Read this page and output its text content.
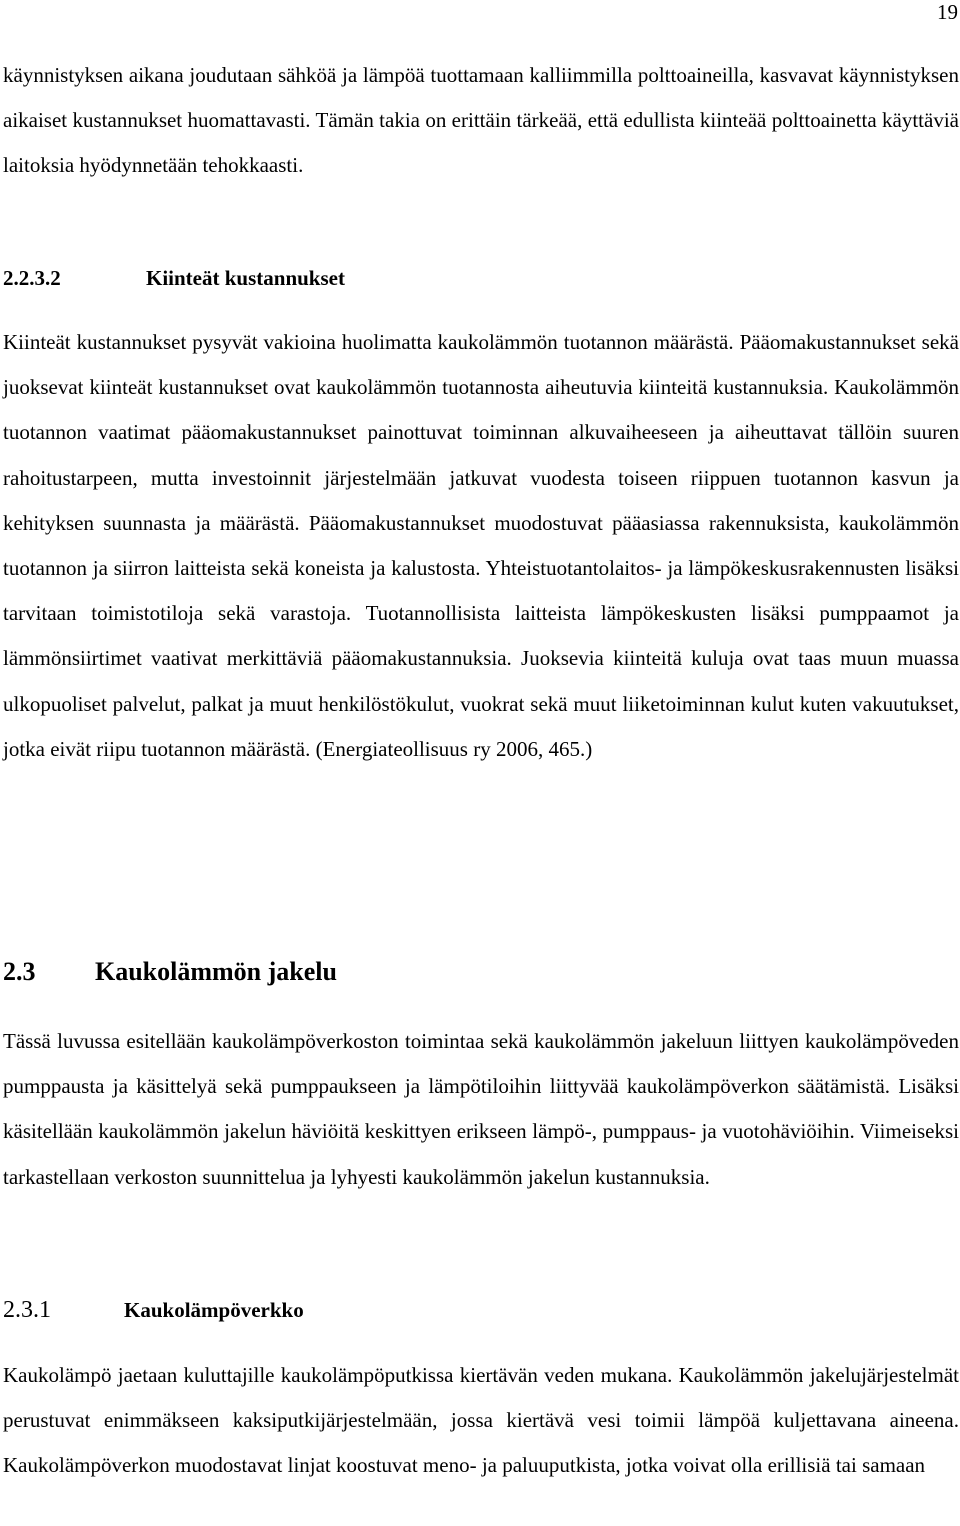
19

käynnistyksen aikana joudutaan sähköä ja lämpöä tuottamaan kalliimmilla polttoaineilla, kasvavat käynnistyksen aikaiset kustannukset huomattavasti. Tämän takia on erittäin tärkeää, että edullista kiinteää polttoainetta käyttäviä laitoksia hyödynnetään tehokkaasti.

2.2.3.2	Kiinteät kustannukset

Kiinteät kustannukset pysyvät vakioina huolimatta kaukolämmön tuotannon määrästä. Pääomakustannukset sekä juoksevat kiinteät kustannukset ovat kaukolämmön tuotannosta aiheutuvia kiinteitä kustannuksia. Kaukolämmön tuotannon vaatimat pääomakustannukset painottuvat toiminnan alkuvaiheeseen ja aiheuttavat tällöin suuren rahoitustarpeen, mutta investoinnit järjestelmään jatkuvat vuodesta toiseen riippuen tuotannon kasvun ja kehityksen suunnasta ja määrästä. Pääomakustannukset muodostuvat pääasiassa rakennuksista, kaukolämmön tuotannon ja siirron laitteista sekä koneista ja kalustosta. Yhteistuotantolaitos- ja lämpökeskusrakennusten lisäksi tarvitaan toimistotiloja sekä varastoja. Tuotannollisista laitteista lämpökeskusten lisäksi pumppaamot ja lämmönsiirtimet vaativat merkittäviä pääomakustannuksia. Juoksevia kiinteitä kuluja ovat taas muun muassa ulkopuoliset palvelut, palkat ja muut henkilöstökulut, vuokrat sekä muut liiketoiminnan kulut kuten vakuutukset, jotka eivät riipu tuotannon määrästä. (Energiateollisuus ry 2006, 465.)

2.3 Kaukolämmön jakelu

Tässä luvussa esitellään kaukolämpöverkoston toimintaa sekä kaukolämmön jakeluun liittyen kaukolämpöveden pumppausta ja käsittelyä sekä pumppaukseen ja lämpötiloihin liittyvää kaukolämpöverkon säätämistä. Lisäksi käsitellään kaukolämmön jakelun häviöitä keskittyen erikseen lämpö-, pumppaus- ja vuotohäviöihin. Viimeiseksi tarkastellaan verkoston suunnittelua ja lyhyesti kaukolämmön jakelun kustannuksia.

2.3.1	Kaukolämpöverkko

Kaukolämpö jaetaan kuluttajille kaukolämpöputkissa kiertävän veden mukana. Kaukolämmön jakelujärjestelmät perustuvat enimmäkseen kaksiputkijärjestelmään, jossa kiertävä vesi toimii lämpöä kuljettavana aineena. Kaukolämpöverkon muodostavat linjat koostuvat meno- ja paluuputkista, jotka voivat olla erillisiä tai samaan
